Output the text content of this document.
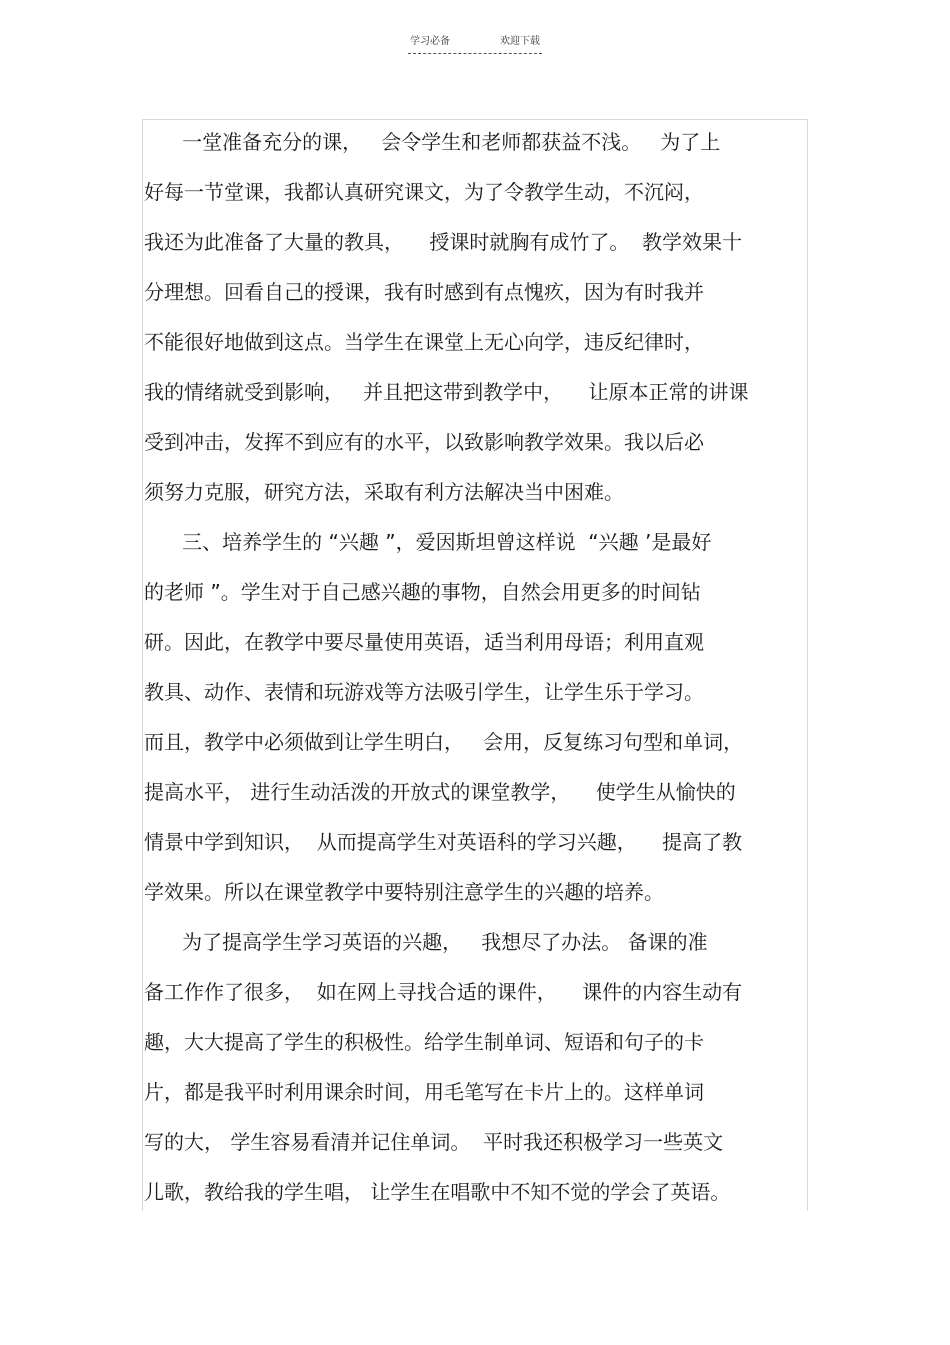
学习必备	欢迎下载
一堂准备充分的课，   会令学生和老师都获益不浅。   为了上
好每一节堂课，我都认真研究课文，为了令教学生动，不沉闷，
我还为此准备了大量的教具，    授课时就胸有成竹了。  教学效果十
分理想。回看自己的授课，我有时感到有点愧疚，因为有时我并
不能很好地做到这点。当学生在课堂上无心向学，违反纪律时，
我的情绪就受到影响，   并且把这带到教学中，    让原本正常的讲课
受到冲击，发挥不到应有的水平，以致影响教学效果。我以后必
须努力克服，研究方法，采取有利方法解决当中困难。
三、培养学生的 “兴趣 ”，爱因斯坦曾这样说  “兴趣 ’是最好
的老师 ”。学生对于自己感兴趣的事物，自然会用更多的时间钻
研。因此，在教学中要尽量使用英语，适当利用母语；利用直观
教具、动作、表情和玩游戏等方法吸引学生，让学生乐于学习。
而且，教学中必须做到让学生明白，   会用，反复练习句型和单词，
提高水平， 进行生动活泼的开放式的课堂教学，    使学生从愉快的
情景中学到知识，  从而提高学生对英语科的学习兴趣，    提高了教
学效果。所以在课堂教学中要特别注意学生的兴趣的培养。
为了提高学生学习英语的兴趣，   我想尽了办法。 备课的准
备工作作了很多，  如在网上寻找合适的课件，    课件的内容生动有
趣，大大提高了学生的积极性。给学生制单词、短语和句子的卡
片，都是我平时利用课余时间，用毛笔写在卡片上的。这样单词
写的大， 学生容易看清并记住单词。  平时我还积极学习一些英文
儿歌，教给我的学生唱， 让学生在唱歌中不知不觉的学会了英语。
